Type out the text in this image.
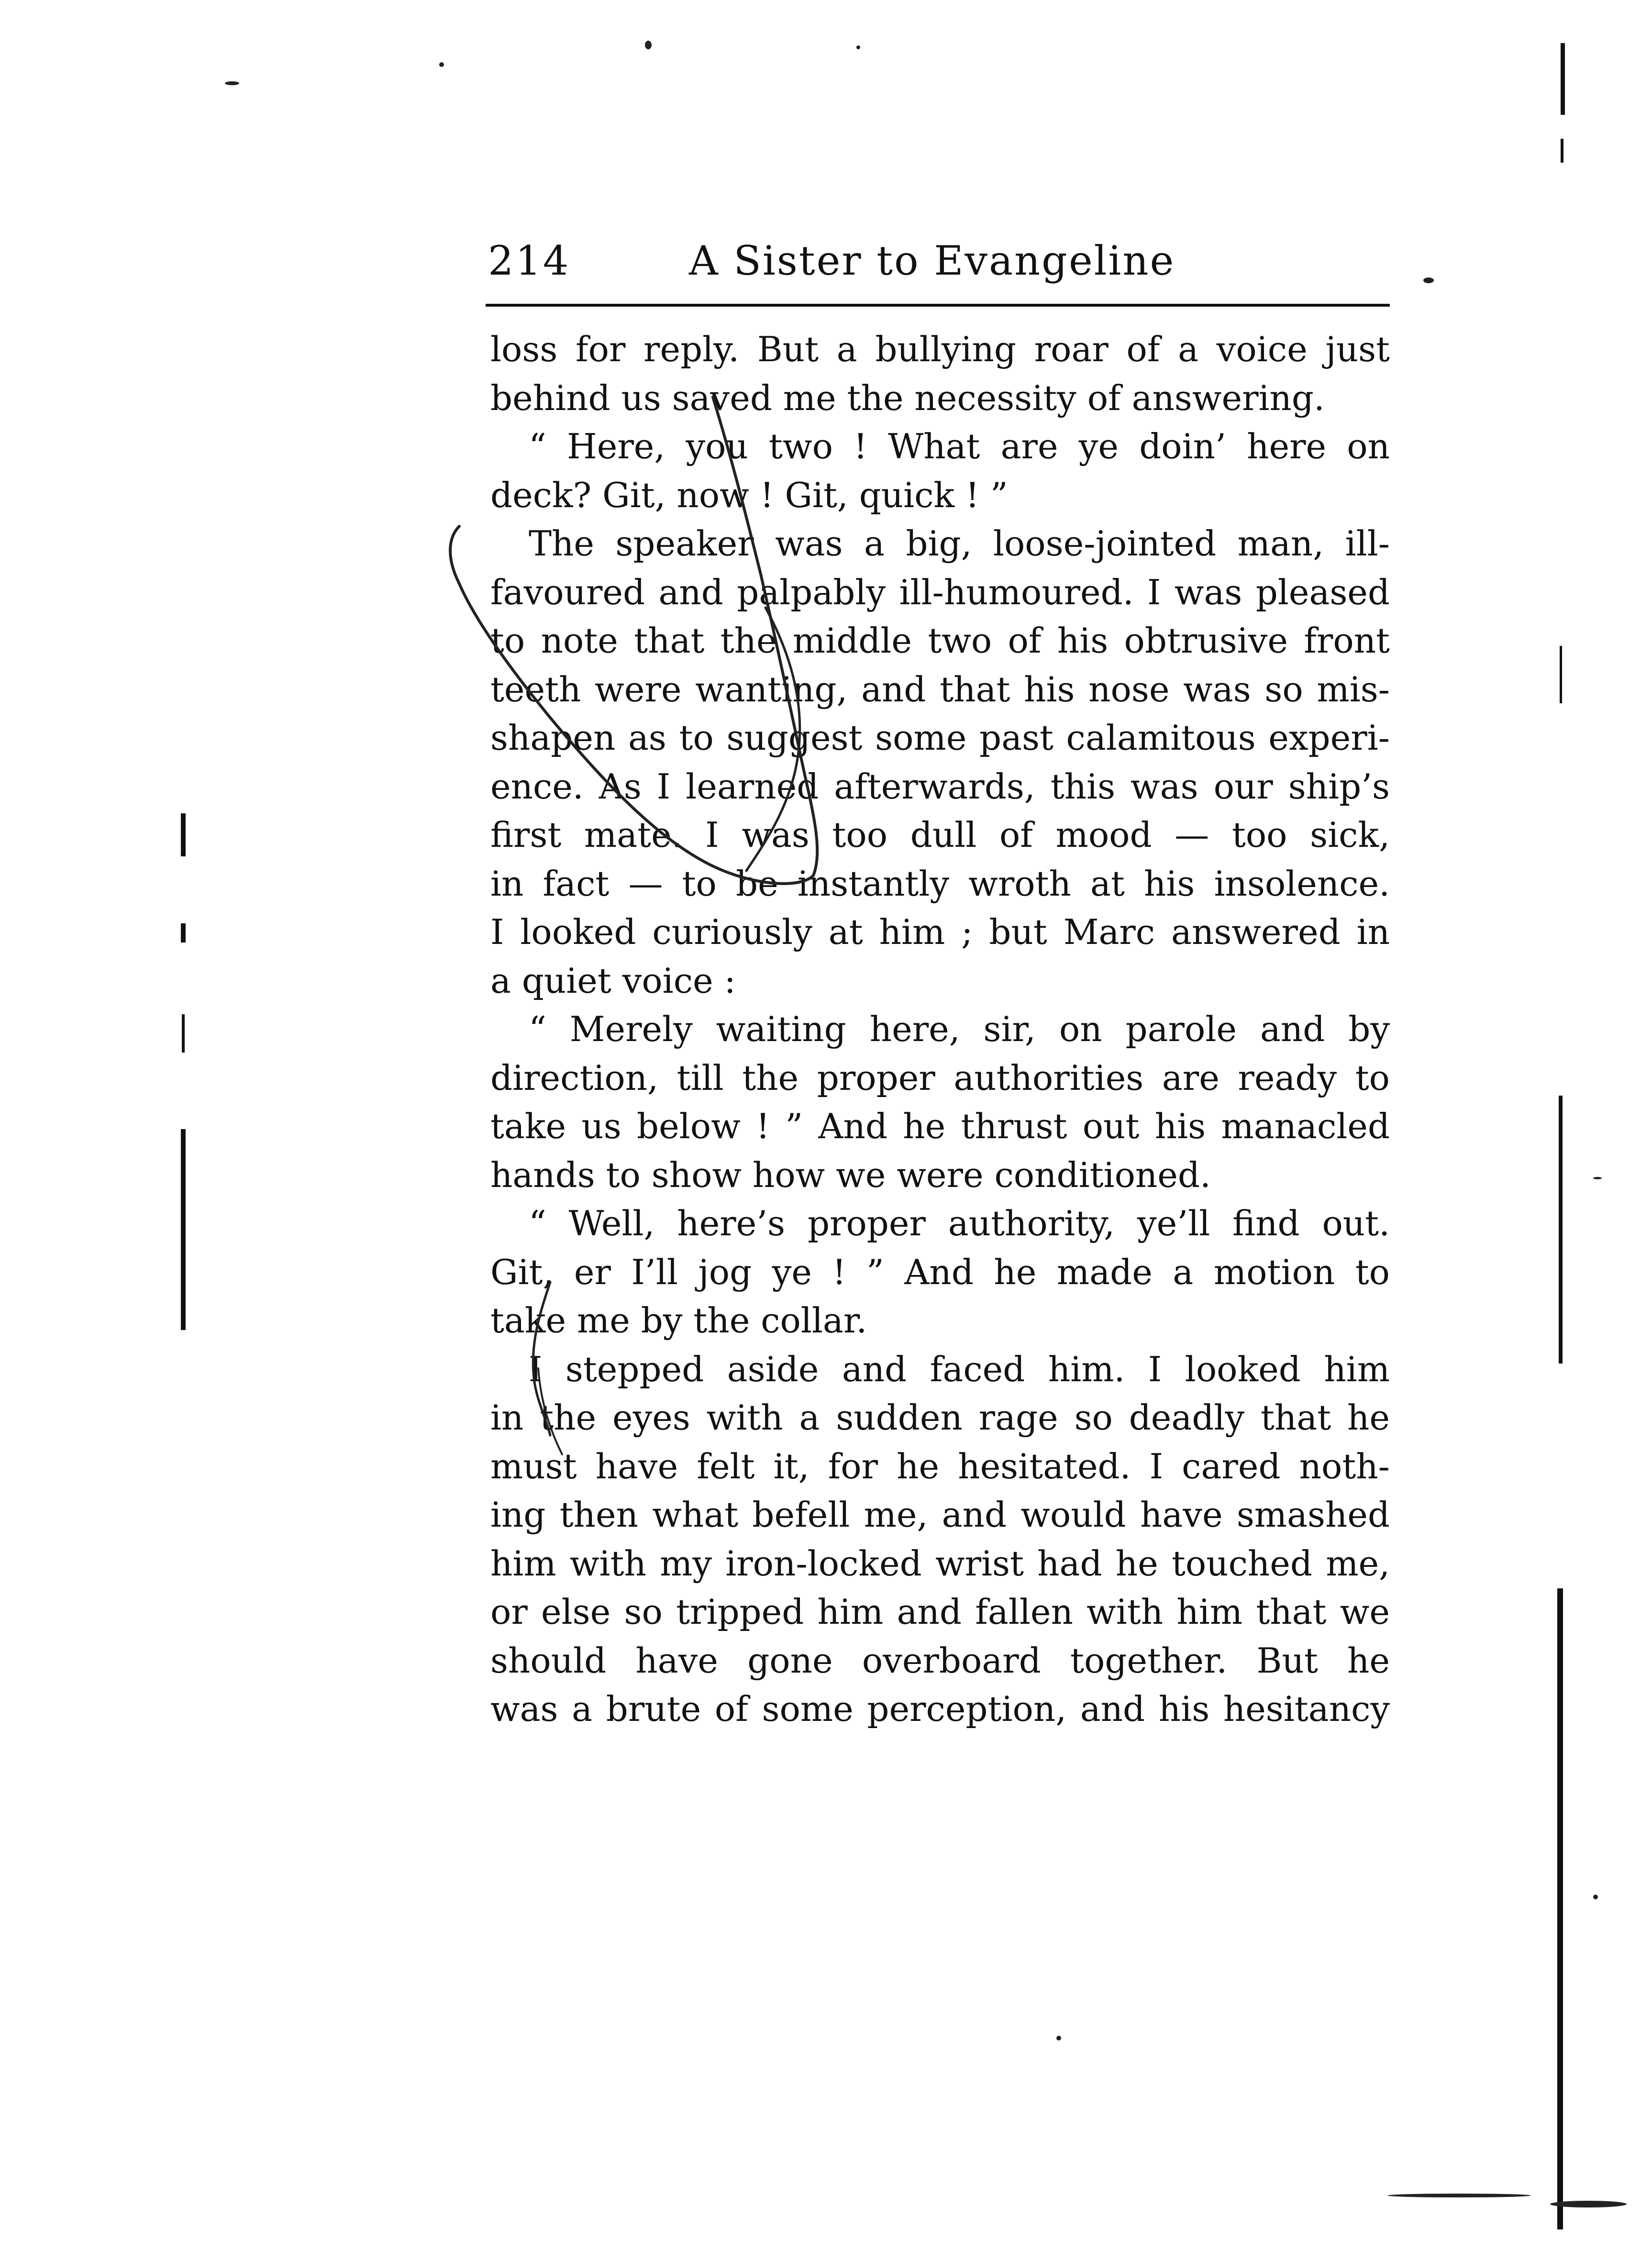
214	A Sister to Evangeline
loss for reply. But a bullying roar of a voice just
behind us saved me the necessity of answering.
“ Here, you two ! What are ye doin’ here on
deck? Git, now ! Git, quick ! ”
The speaker was a big, loose-jointed man, ill-
favoured and palpably ill-humoured. I was pleased
to note that the middle two of his obtrusive front
teeth were wanting, and that his nose was so mis-
shapen as to suggest some past calamitous experi-
ence. As I learned afterwards, this was our ship’s
first mate. I was too dull of mood — too sick,
in fact — to be instantly wroth at his insolence.
I looked curiously at him ; but Marc answered in
a quiet voice :
“ Merely waiting here, sir, on parole and by
direction, till the proper authorities are ready to
take us below ! ” And he thrust out his manacled
hands to show how we were conditioned.
“ Well, here’s proper authority, ye’ll find out.
Git, er I’ll jog ye ! ” And he made a motion to
take me by the collar.
I stepped aside and faced him. I looked him
in the eyes with a sudden rage so deadly that he
must have felt it, for he hesitated. I cared noth-
ing then what befell me, and would have smashed
him with my iron-locked wrist had he touched me,
or else so tripped him and fallen with him that we
should have gone overboard together. But he
was a brute of some perception, and his hesitancy
